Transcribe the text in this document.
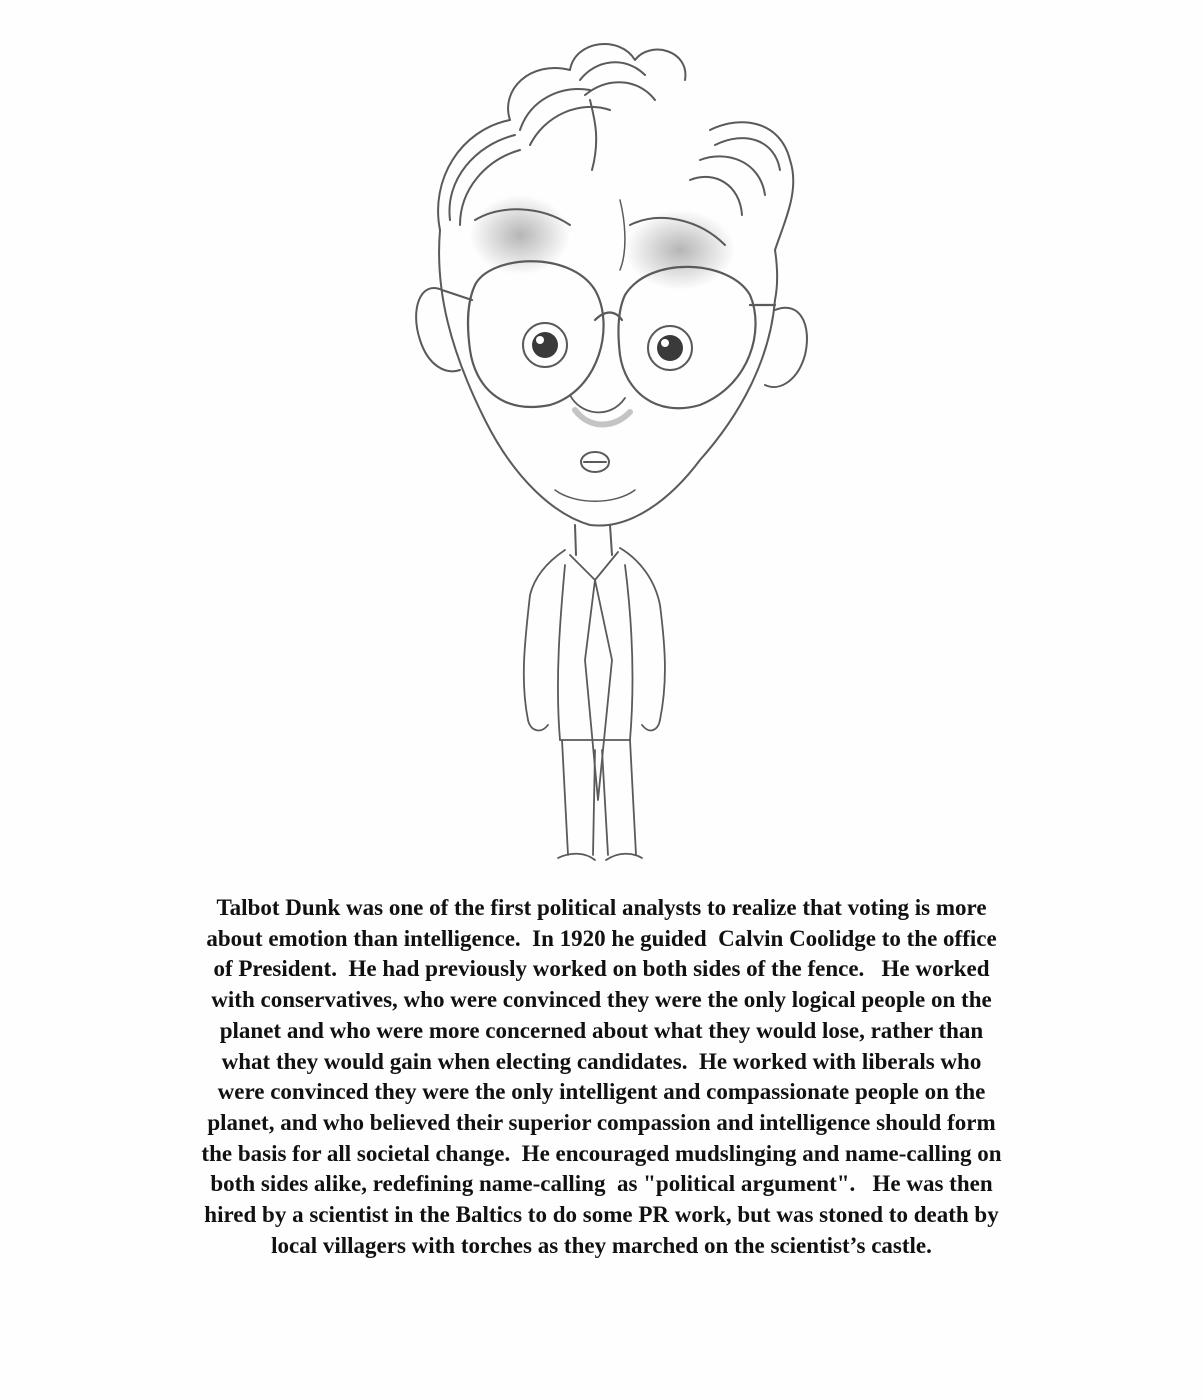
Talbot Dunk was one of the first political analysts to realize that voting is more
about emotion than intelligence.  In 1920 he guided  Calvin Coolidge to the office
of President.  He had previously worked on both sides of the fence.   He worked
with conservatives, who were convinced they were the only logical people on the
planet and who were more concerned about what they would lose, rather than
what they would gain when electing candidates.  He worked with liberals who
were convinced they were the only intelligent and compassionate people on the
planet, and who believed their superior compassion and intelligence should form
the basis for all societal change.  He encouraged mudslinging and name-calling on
both sides alike, redefining name-calling  as "political argument".   He was then
hired by a scientist in the Baltics to do some PR work, but was stoned to death by
local villagers with torches as they marched on the scientist’s castle.
